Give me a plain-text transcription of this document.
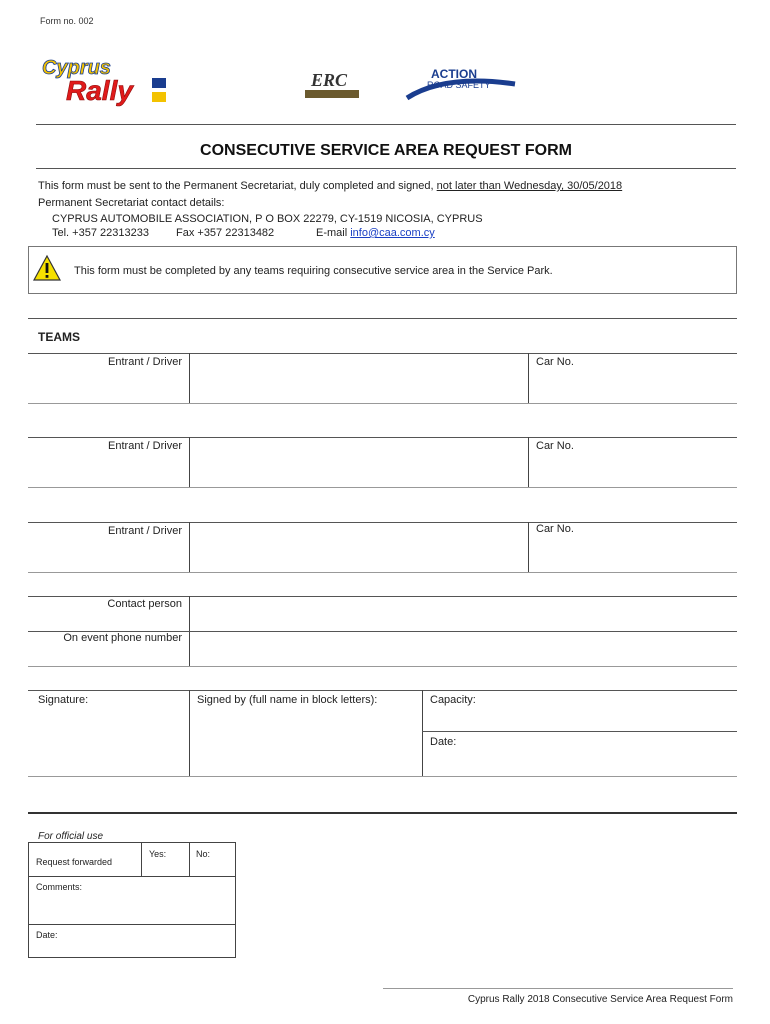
Form no. 002
Cyprus
Rally	ERC	ACTION
ROAD SAFETY
CONSECUTIVE SERVICE AREA REQUEST FORM
This form must be sent to the Permanent Secretariat, duly completed and signed, not later than Wednesday, 30/05/2018
Permanent Secretariat contact details:
CYPRUS AUTOMOBILE ASSOCIATION, P O BOX 22279, CY-1519 NICOSIA, CYPRUS
Tel. +357 22313233 Fax +357 22313482	E-mail info@caa.com.cy
This form must be completed by any teams requiring consecutive service area in the Service Park.
TEAMS
Entrant / Driver	Car No.
Entrant / Driver	Car No.
Entrant / Driver	Car No.
Contact person
On event phone number
Signature:	Signed by (full name in block letters):	Capacity:
Date:
For official use
Request forwarded
Yes:	No:
Comments:
Date:
Cyprus Rally 2018 Consecutive Service Area Request Form
